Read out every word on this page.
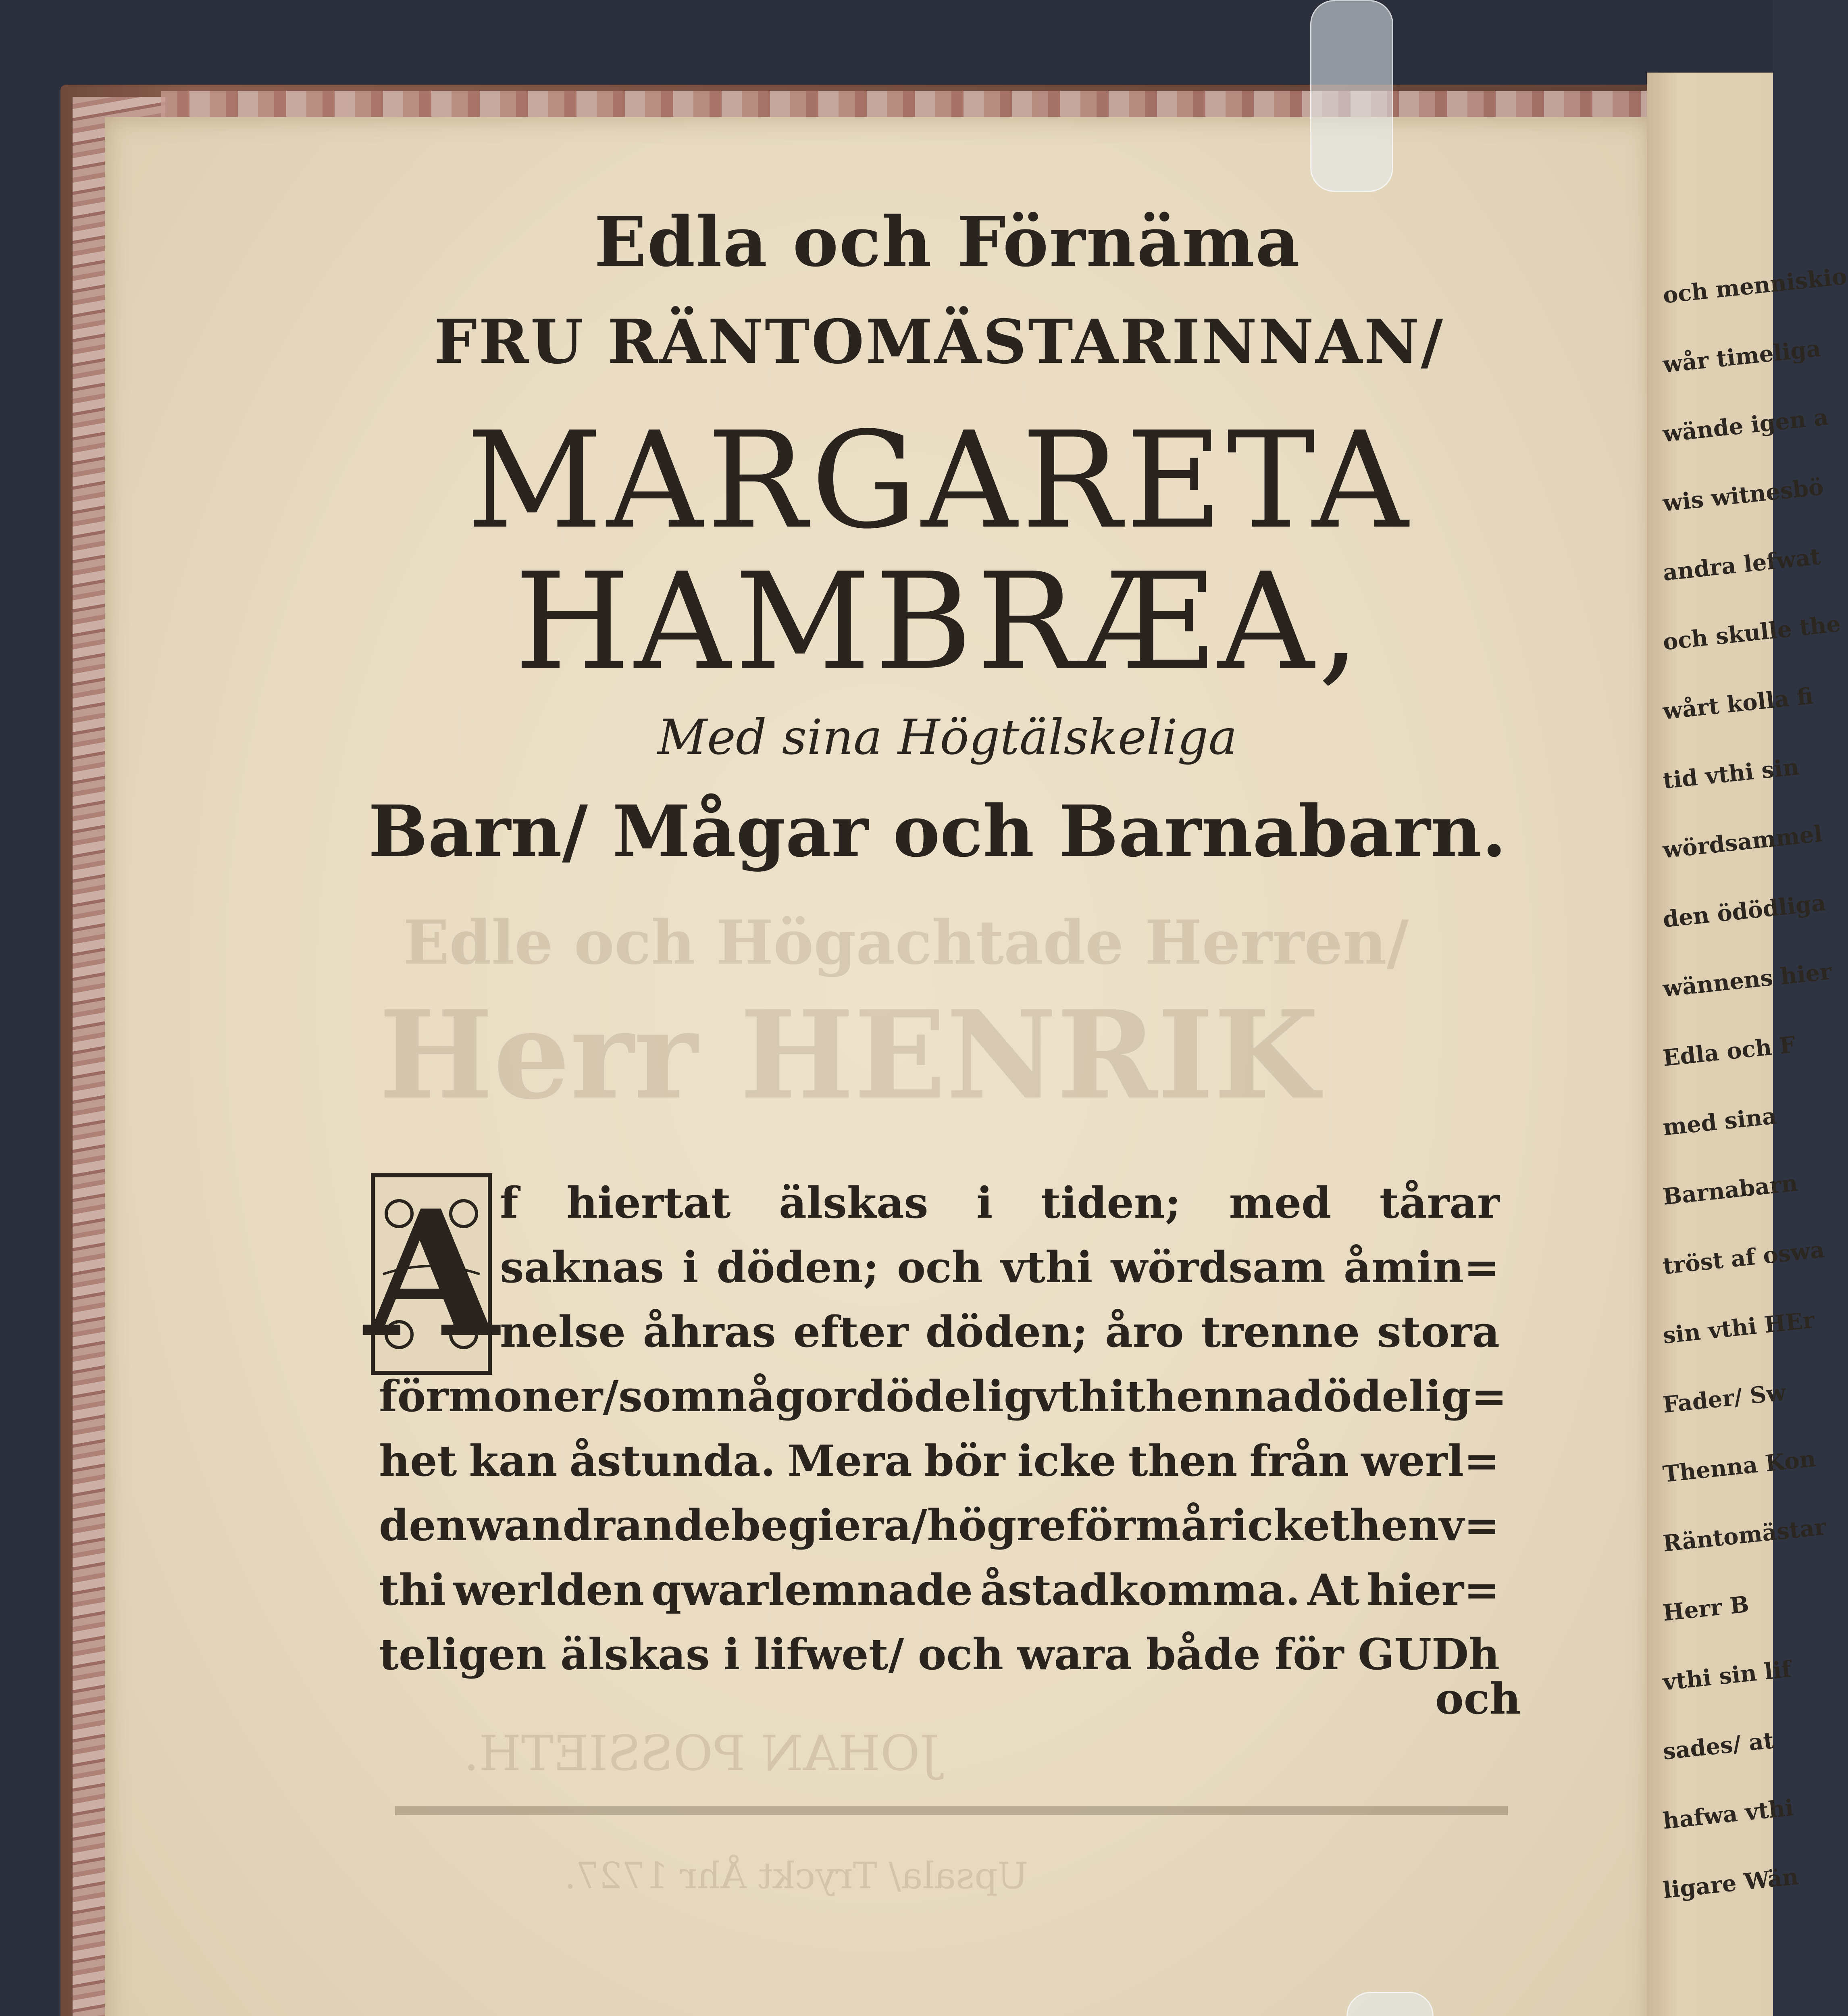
Edle och Högachtade Herren/
Herr HENRIK
JOHAN POSSIETH.
Upsala/ Tryckt Åhr 1727.
Edla och Förnäma
FRU RÄNTOMÄSTARINNAN/
MARGARETA
HAMBRÆA,
Med sina Högtälskeliga
Barn/ Mågar och Barnabarn.
A f hiertat älskas i tiden; med tårar
saknas i döden; och vthi wördsam åmin=
nelse åhras efter döden; åro trenne stora
förmoner/ som någor dödelig vthi thenna dödelig=
het kan åstunda. Mera bör icke then från werl=
den wandrande begiera/ högre förmår icke then v=
thi werlden qwarlemnade åstadkomma. At hier=
teligen älskas i lifwet/ och wara både för GUDh
och
och menniskio
wår timeliga
wände igen a
wis witnesbö
andra lefwat
och skulle the
wårt kolla fi
tid vthi sin
wördsammel
den ödödliga
wännens hier
Edla och F
med sina
Barnabarn
tröst af oswa
sin vthi HEr
Fader/ Sw
Thenna Kon
Räntomästar
Herr B
vthi sin lif
sades/ at
hafwa vthi
ligare Wän
